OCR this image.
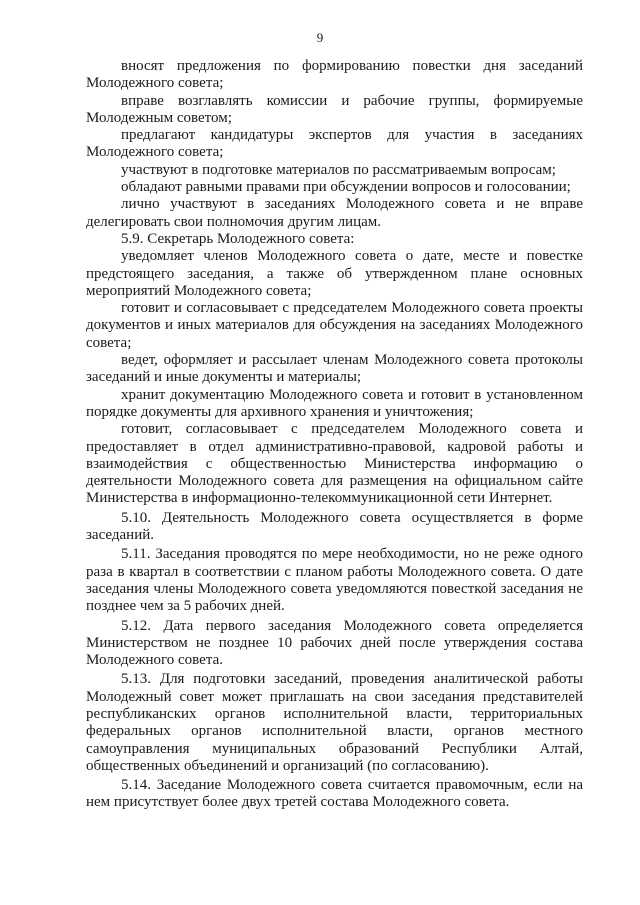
9

вносят предложения по формированию повестки дня заседаний Молодежного совета;

вправе возглавлять комиссии и рабочие группы, формируемые Молодежным советом;

предлагают кандидатуры экспертов для участия в заседаниях Молодежного совета;

участвуют в подготовке материалов по рассматриваемым вопросам;

обладают равными правами при обсуждении вопросов и голосовании;

лично участвуют в заседаниях Молодежного совета и не вправе делегировать свои полномочия другим лицам.

5.9. Секретарь Молодежного совета:

уведомляет членов Молодежного совета о дате, месте и повестке предстоящего заседания, а также об утвержденном плане основных мероприятий Молодежного совета;

готовит и согласовывает с председателем Молодежного совета проекты документов и иных материалов для обсуждения на заседаниях Молодежного совета;

ведет, оформляет и рассылает членам Молодежного совета протоколы заседаний и иные документы и материалы;

хранит документацию Молодежного совета и готовит в установленном порядке документы для архивного хранения и уничтожения;

готовит, согласовывает с председателем Молодежного совета и предоставляет в отдел административно-правовой, кадровой работы и взаимодействия с общественностью Министерства информацию о деятельности Молодежного совета для размещения на официальном сайте Министерства в информационно-телекоммуникационной сети Интернет.

5.10. Деятельность Молодежного совета осуществляется в форме заседаний.

5.11. Заседания проводятся по мере необходимости, но не реже одного раза в квартал в соответствии с планом работы Молодежного совета. О дате заседания члены Молодежного совета уведомляются повесткой заседания не позднее чем за 5 рабочих дней.

5.12. Дата первого заседания Молодежного совета определяется Министерством не позднее 10 рабочих дней после утверждения состава Молодежного совета.

5.13. Для подготовки заседаний, проведения аналитической работы Молодежный совет может приглашать на свои заседания представителей республиканских органов исполнительной власти, территориальных федеральных органов исполнительной власти, органов местного самоуправления муниципальных образований Республики Алтай, общественных объединений и организаций (по согласованию).

5.14. Заседание Молодежного совета считается правомочным, если на нем присутствует более двух третей состава Молодежного совета.
